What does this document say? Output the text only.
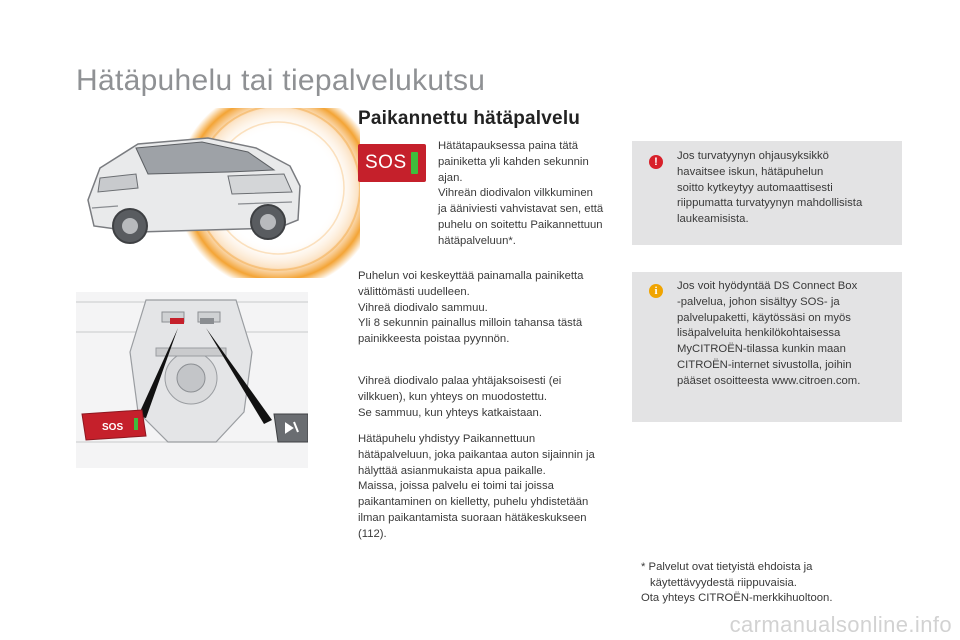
Hätäpuhelu tai tiepalvelukutsu
SOS
Paikannettu hätäpalvelu
SOS
Hätätapauksessa paina tätä
painiketta yli kahden sekunnin
ajan.
Vihreän diodivalon vilkkuminen
ja ääniviesti vahvistavat sen, että
puhelu on soitettu Paikannettuun
hätäpalveluun*.
Puhelun voi keskeyttää painamalla painiketta
välittömästi uudelleen.
Vihreä diodivalo sammuu.
Yli 8 sekunnin painallus milloin tahansa tästä
painikkeesta poistaa pyynnön.
Vihreä diodivalo palaa yhtäjaksoisesti (ei
vilkkuen), kun yhteys on muodostettu.
Se sammuu, kun yhteys katkaistaan.
Hätäpuhelu yhdistyy Paikannettuun
hätäpalveluun, joka paikantaa auton sijainnin ja
hälyttää asianmukaista apua paikalle.
Maissa, joissa palvelu ei toimi tai joissa
paikantaminen on kielletty, puhelu yhdistetään
ilman paikantamista suoraan hätäkeskukseen
(112).
!	Jos turvatyynyn ohjausyksikkö
havaitsee iskun, hätäpuhelun
soitto kytkeytyy automaattisesti
riippumatta turvatyynyn mahdollisista
laukeamisista.
i	Jos voit hyödyntää DS Connect Box
-palvelua, johon sisältyy SOS- ja
palvelupaketti, käytössäsi on myös
lisäpalveluita henkilökohtaisessa
MyCITROËN-tilassa kunkin maan
CITROËN-internet sivustolla, joihin
pääset osoitteesta www.citroen.com.
* Palvelut ovat tietyistä ehdoista ja
käytettävyydestä riippuvaisia.
Ota yhteys CITROËN-merkkihuoltoon.
carmanualsonline.info
